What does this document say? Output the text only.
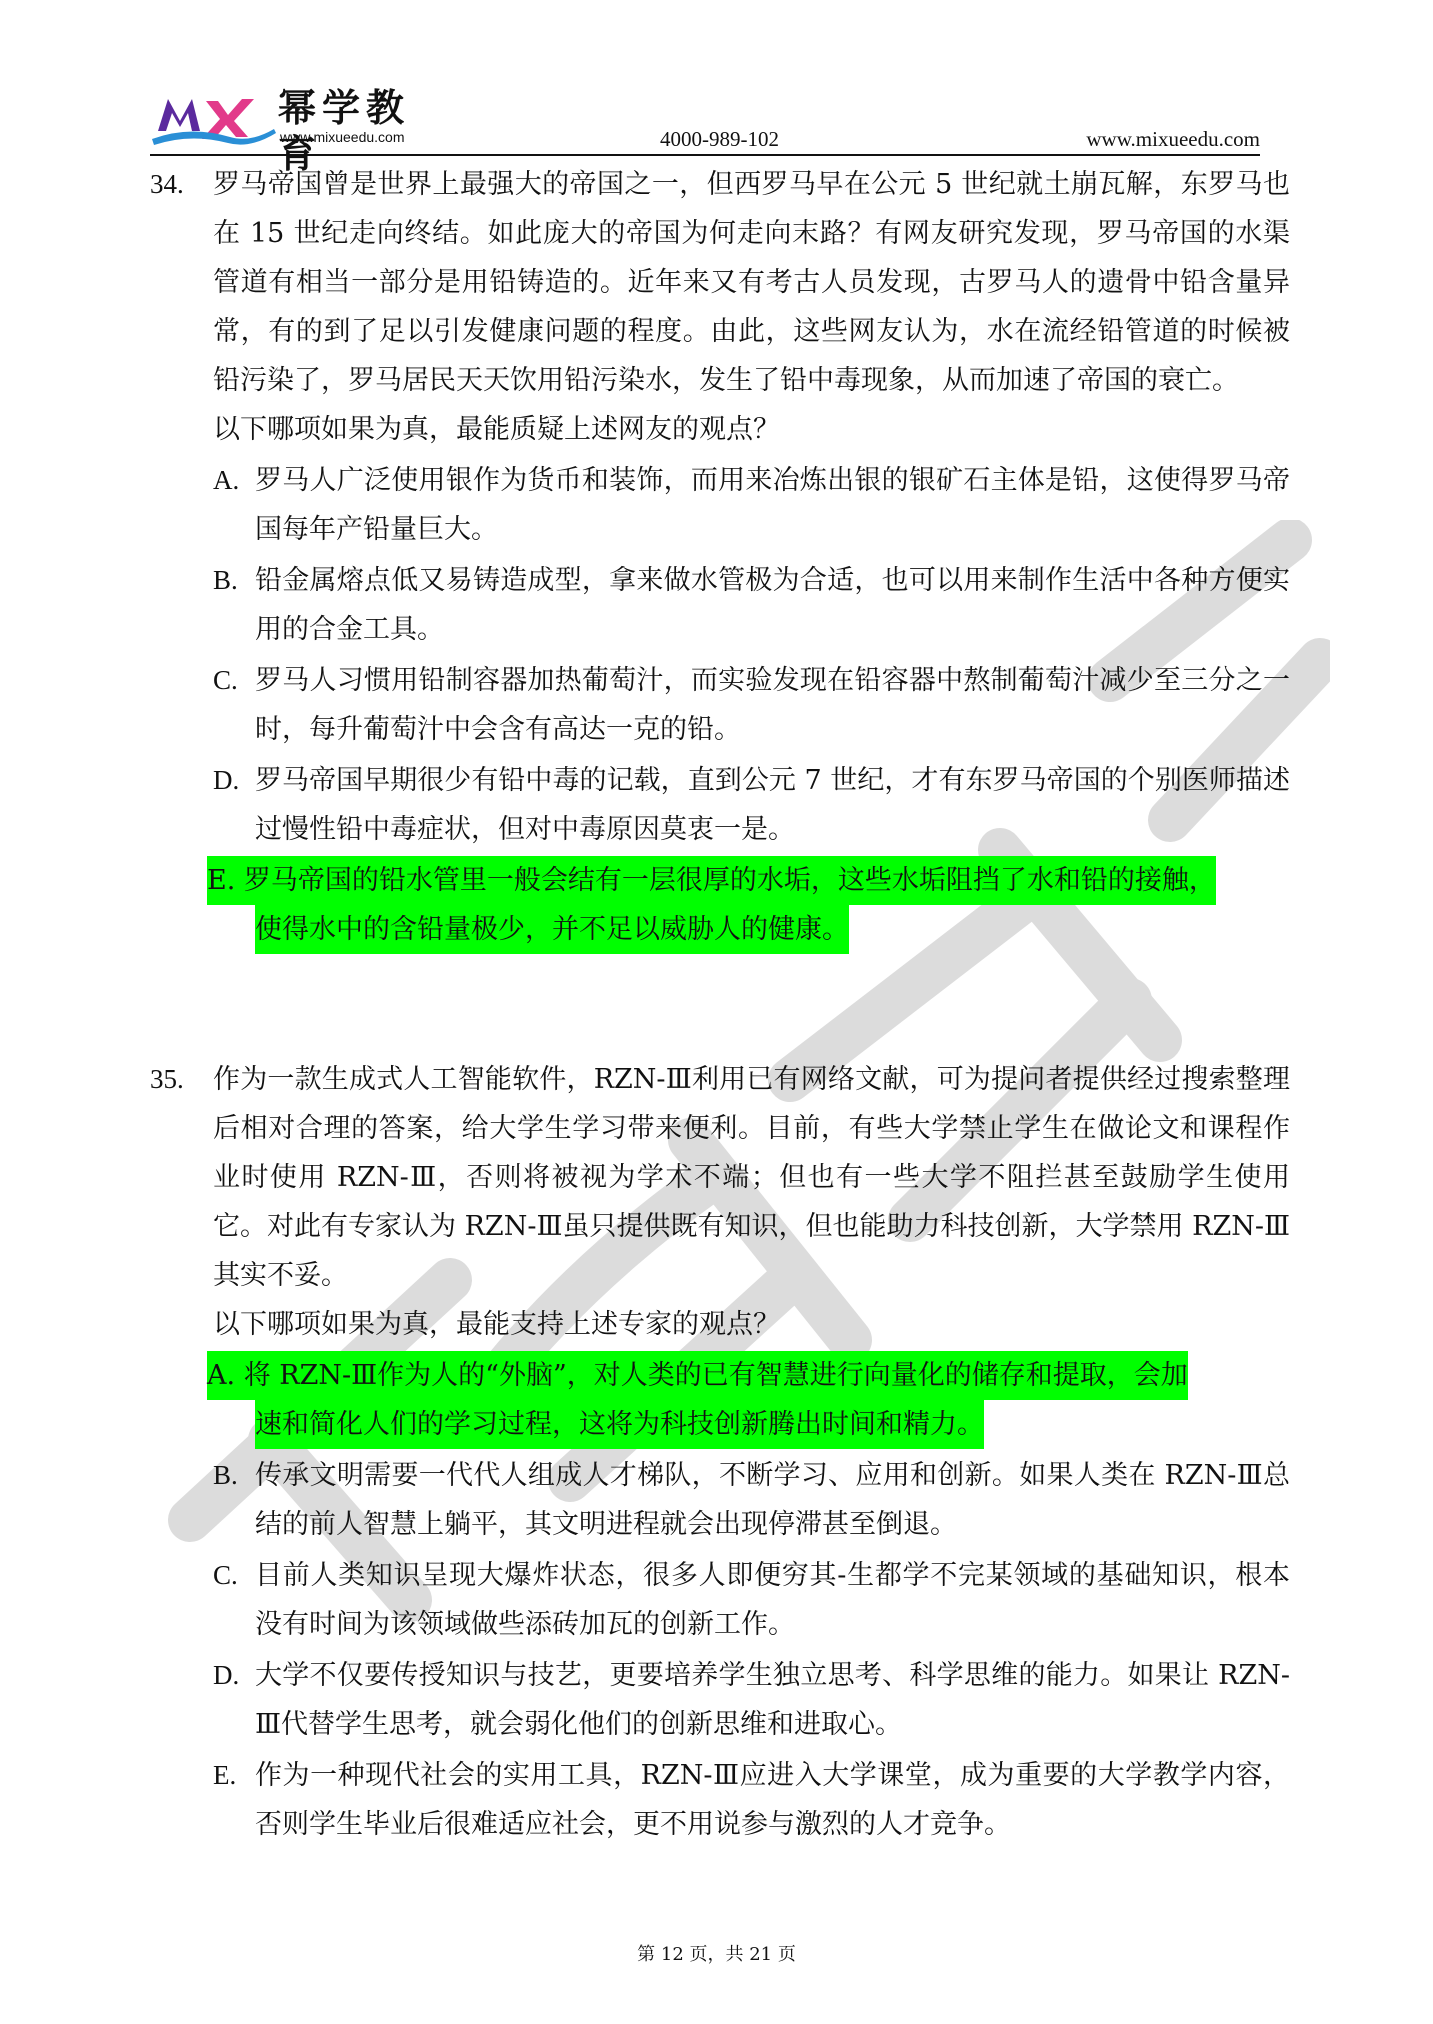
幂学教育
www.mixueedu.com	4000-989-102	www.mixueedu.com
34.	罗马帝国曾是世界上最强大的帝国之一，但西罗马早在公元 5 世纪就土崩瓦解，东罗马也在 15 世纪走向终结。如此庞大的帝国为何走向末路？有网友研究发现，罗马帝国的水渠管道有相当一部分是用铅铸造的。近年来又有考古人员发现，古罗马人的遗骨中铅含量异常，有的到了足以引发健康问题的程度。由此，这些网友认为，水在流经铅管道的时候被铅污染了，罗马居民天天饮用铅污染水，发生了铅中毒现象，从而加速了帝国的衰亡。
以下哪项如果为真，最能质疑上述网友的观点？
A. 罗马人广泛使用银作为货币和装饰，而用来冶炼出银的银矿石主体是铅，这使得罗马帝国每年产铅量巨大。
B. 铅金属熔点低又易铸造成型，拿来做水管极为合适，也可以用来制作生活中各种方便实用的合金工具。
C. 罗马人习惯用铅制容器加热葡萄汁，而实验发现在铅容器中熬制葡萄汁减少至三分之一时，每升葡萄汁中会含有高达一克的铅。
D. 罗马帝国早期很少有铅中毒的记载，直到公元 7 世纪，才有东罗马帝国的个别医师描述过慢性铅中毒症状，但对中毒原因莫衷一是。
E. 罗马帝国的铅水管里一般会结有一层很厚的水垢，这些水垢阻挡了水和铅的接触，
使得水中的含铅量极少，并不足以威胁人的健康。
35.	作为一款生成式人工智能软件，RZN-Ⅲ利用已有网络文献，可为提问者提供经过搜索整理后相对合理的答案，给大学生学习带来便利。目前，有些大学禁止学生在做论文和课程作业时使用 RZN-Ⅲ，否则将被视为学术不端；但也有一些大学不阻拦甚至鼓励学生使用它。对此有专家认为 RZN-Ⅲ虽只提供既有知识，但也能助力科技创新，大学禁用 RZN-Ⅲ其实不妥。
以下哪项如果为真，最能支持上述专家的观点？
A. 将 RZN-Ⅲ作为人的“外脑”，对人类的已有智慧进行向量化的储存和提取，会加
速和简化人们的学习过程，这将为科技创新腾出时间和精力。
B. 传承文明需要一代代人组成人才梯队，不断学习、应用和创新。如果人类在 RZN-Ⅲ总结的前人智慧上躺平，其文明进程就会出现停滞甚至倒退。
C. 目前人类知识呈现大爆炸状态，很多人即便穷其-生都学不完某领域的基础知识，根本没有时间为该领域做些添砖加瓦的创新工作。
D. 大学不仅要传授知识与技艺，更要培养学生独立思考、科学思维的能力。如果让 RZN-Ⅲ代替学生思考，就会弱化他们的创新思维和进取心。
E. 作为一种现代社会的实用工具，RZN-Ⅲ应进入大学课堂，成为重要的大学教学内容，否则学生毕业后很难适应社会，更不用说参与激烈的人才竞争。
第 12 页，共 21 页
